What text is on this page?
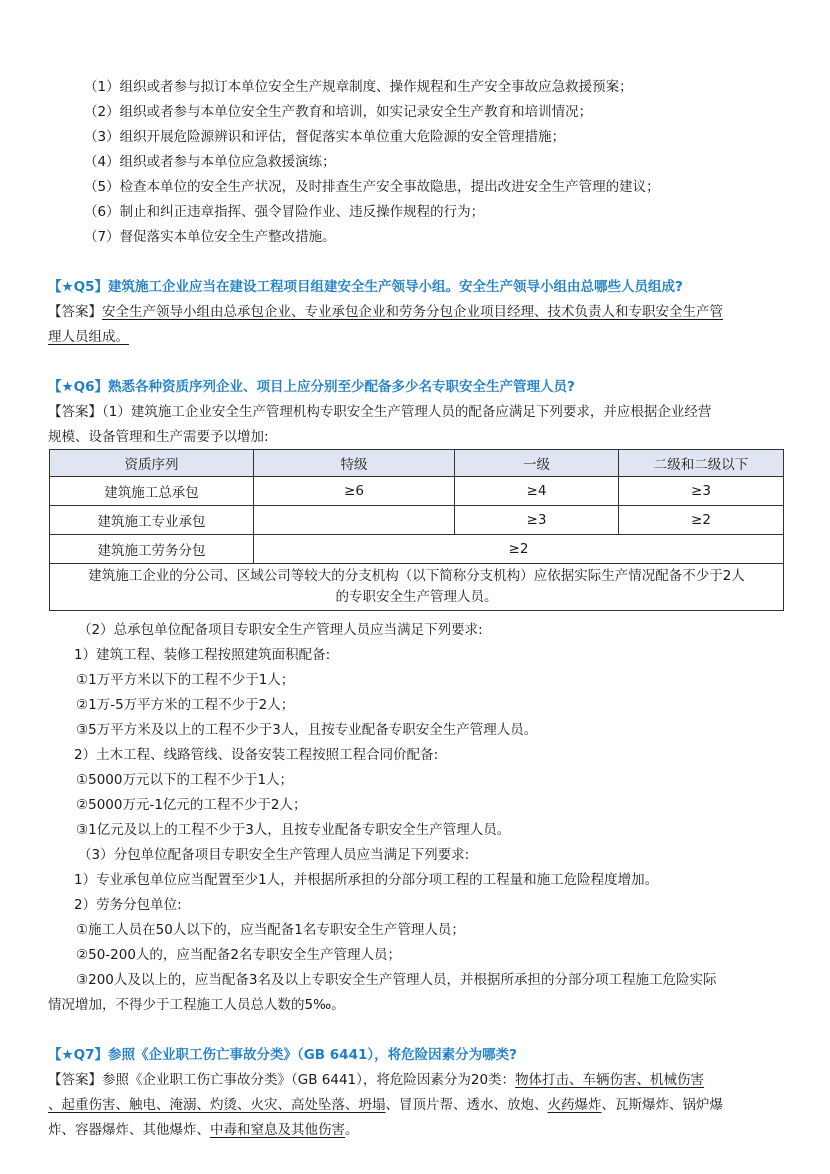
（1）组织或者参与拟订本单位安全生产规章制度、操作规程和生产安全事故应急救援预案；
（2）组织或者参与本单位安全生产教育和培训，如实记录安全生产教育和培训情况；
（3）组织开展危险源辨识和评估，督促落实本单位重大危险源的安全管理措施；
（4）组织或者参与本单位应急救援演练；
（5）检查本单位的安全生产状况，及时排查生产安全事故隐患，提出改进安全生产管理的建议；
（6）制止和纠正违章指挥、强令冒险作业、违反操作规程的行为；
（7）督促落实本单位安全生产整改措施。
【★Q5】建筑施工企业应当在建设工程项目组建安全生产领导小组。安全生产领导小组由总哪些人员组成?
【答案】安全生产领导小组由总承包企业、专业承包企业和劳务分包企业项目经理、技术负责人和专职安全生产管
理人员组成。
【★Q6】熟悉各种资质序列企业、项目上应分别至少配备多少名专职安全生产管理人员?
【答案】（1）建筑施工企业安全生产管理机构专职安全生产管理人员的配备应满足下列要求，并应根据企业经营
规模、设备管理和生产需要予以增加:
资质序列	特级	一级	二级和二级以下
建筑施工总承包	≥6	≥4	≥3
建筑施工专业承包		≥3	≥2
建筑施工劳务分包	≥2		
建筑施工企业的分公司、区域公司等较大的分支机构（以下简称分支机构）应依据实际生产情况配备不少于2人
的专职安全生产管理人员。			
（2）总承包单位配备项目专职安全生产管理人员应当满足下列要求:
1）建筑工程、装修工程按照建筑面积配备:
①1万平方米以下的工程不少于1人；
②1万-5万平方米的工程不少于2人；
③5万平方米及以上的工程不少于3人，且按专业配备专职安全生产管理人员。
2）土木工程、线路管线、设备安装工程按照工程合同价配备:
①5000万元以下的工程不少于1人；
②5000万元-1亿元的工程不少于2人；
③1亿元及以上的工程不少于3人，且按专业配备专职安全生产管理人员。
（3）分包单位配备项目专职安全生产管理人员应当满足下列要求:
1）专业承包单位应当配置至少1人，并根据所承担的分部分项工程的工程量和施工危险程度增加。
2）劳务分包单位:
①施工人员在50人以下的，应当配备1名专职安全生产管理人员；
②50-200人的，应当配备2名专职安全生产管理人员；
③200人及以上的，应当配备3名及以上专职安全生产管理人员，并根据所承担的分部分项工程施工危险实际
情况增加，不得少于工程施工人员总人数的5‰。
【★Q7】参照《企业职工伤亡事故分类》（GB 6441），将危险因素分为哪类?
【答案】参照《企业职工伤亡事故分类》（GB 6441），将危险因素分为20类：物体打击、车辆伤害、机械伤害
、起重伤害、触电、淹溺、灼烫、火灾、高处坠落、坍塌、冒顶片帮、透水、放炮、火药爆炸、瓦斯爆炸、锅炉爆
炸、容器爆炸、其他爆炸、中毒和窒息及其他伤害。
